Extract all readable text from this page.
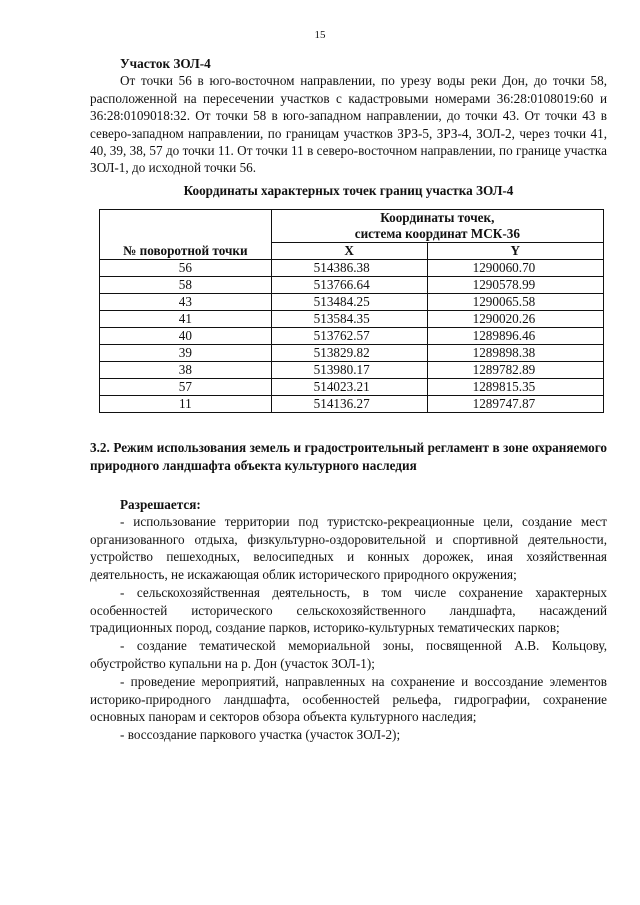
15
Участок ЗОЛ-4

От точки 56 в юго-восточном направлении, по урезу воды реки Дон, до точки 58, расположенной на пересечении участков с кадастровыми номерами 36:28:0108019:60 и 36:28:0109018:32. От точки 58 в юго-западном направлении, до точки 43. От точки 43 в северо-западном направлении, по границам участков ЗРЗ-5, ЗРЗ-4, ЗОЛ-2, через точки 41, 40, 39, 38, 57 до точки 11. От точки 11 в северо-восточном направлении, по границе участка ЗОЛ-1, до исходной точки 56.

Координаты характерных точек границ участка ЗОЛ-4
№ поворотной точки	Координаты точек,
система координат МСК-36	

	X	Y
56	514386.38	1290060.70
58	513766.64	1290578.99
43	513484.25	1290065.58
41	513584.35	1290020.26
40	513762.57	1289896.46
39	513829.82	1289898.38
38	513980.17	1289782.89
57	514023.21	1289815.35
11	514136.27	1289747.87
3.2. Режим использования земель и градостроительный регламент в зоне охраняемого природного ландшафта объекта культурного наследия
Разрешается:

- использование территории под туристско-рекреационные цели, создание мест организованного отдыха, физкультурно-оздоровительной и спортивной деятельности, устройство пешеходных, велосипедных и конных дорожек, иная хозяйственная деятельность, не искажающая облик исторического природного окружения;

- сельскохозяйственная деятельность, в том числе сохранение характерных особенностей исторического сельскохозяйственного ландшафта, насаждений традиционных пород, создание парков, историко-культурных тематических парков;

- создание тематической мемориальной зоны, посвященной А.В. Кольцову, обустройство купальни на р. Дон (участок ЗОЛ-1);

- проведение мероприятий, направленных на сохранение и воссоздание элементов историко-природного ландшафта, особенностей рельефа, гидрографии, сохранение основных панорам и секторов обзора объекта культурного наследия;

- воссоздание паркового участка (участок ЗОЛ-2);
